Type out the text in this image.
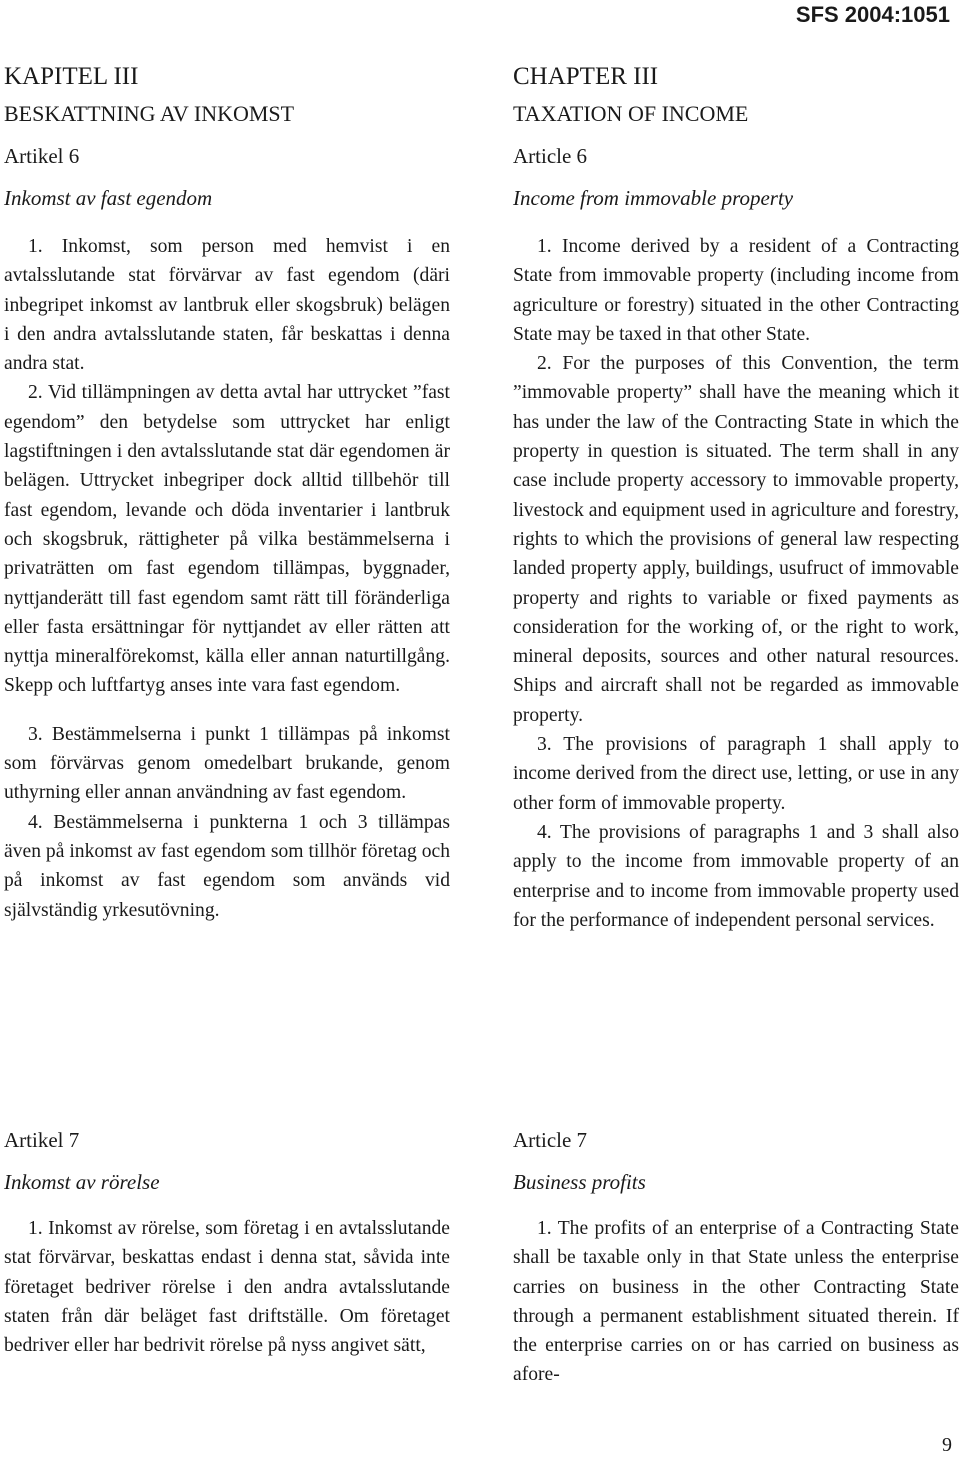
SFS 2004:1051

KAPITEL III
BESKATTNING AV INKOMST
Artikel 6
Inkomst av fast egendom

1. Inkomst, som person med hemvist i en avtalsslutande stat förvärvar av fast egendom (däri inbegripet inkomst av lantbruk eller skogsbruk) belägen i den andra avtalsslutande staten, får beskattas i denna andra stat.

2. Vid tillämpningen av detta avtal har uttrycket ”fast egendom” den betydelse som uttrycket har enligt lagstiftningen i den avtalsslutande stat där egendomen är belägen. Uttrycket inbegriper dock alltid tillbehör till fast egendom, levande och döda inventarier i lantbruk och skogsbruk, rättigheter på vilka bestämmelserna i privaträtten om fast egendom tillämpas, byggnader, nyttjanderätt till fast egendom samt rätt till föränderliga eller fasta ersättningar för nyttjandet av eller rätten att nyttja mineralförekomst, källa eller annan naturtillgång. Skepp och luftfartyg anses inte vara fast egendom.

3. Bestämmelserna i punkt 1 tillämpas på inkomst som förvärvas genom omedelbart brukande, genom uthyrning eller annan användning av fast egendom.

4. Bestämmelserna i punkterna 1 och 3 tillämpas även på inkomst av fast egendom som tillhör företag och på inkomst av fast egendom som används vid självständig yrkesutövning.

CHAPTER III
TAXATION OF INCOME
Article 6
Income from immovable property

1. Income derived by a resident of a Contracting State from immovable property (including income from agriculture or forestry) situated in the other Contracting State may be taxed in that other State.

2. For the purposes of this Convention, the term ”immovable property” shall have the meaning which it has under the law of the Contracting State in which the property in question is situated. The term shall in any case include property accessory to immovable property, livestock and equipment used in agriculture and forestry, rights to which the provisions of general law respecting landed property apply, buildings, usufruct of immovable property and rights to variable or fixed payments as consideration for the working of, or the right to work, mineral deposits, sources and other natural resources. Ships and aircraft shall not be regarded as immovable property.

3. The provisions of paragraph 1 shall apply to income derived from the direct use, letting, or use in any other form of immovable property.

4. The provisions of paragraphs 1 and 3 shall also apply to the income from immovable property of an enterprise and to income from immovable property used for the performance of independent personal services.

Artikel 7
Inkomst av rörelse

1. Inkomst av rörelse, som företag i en avtalsslutande stat förvärvar, beskattas endast i denna stat, såvida inte företaget bedriver rörelse i den andra avtalsslutande staten från där beläget fast driftställe. Om företaget bedriver eller har bedrivit rörelse på nyss angivet sätt,

Article 7
Business profits

1. The profits of an enterprise of a Contracting State shall be taxable only in that State unless the enterprise carries on business in the other Contracting State through a permanent establishment situated therein. If the enterprise carries on or has carried on business as afore-

9
